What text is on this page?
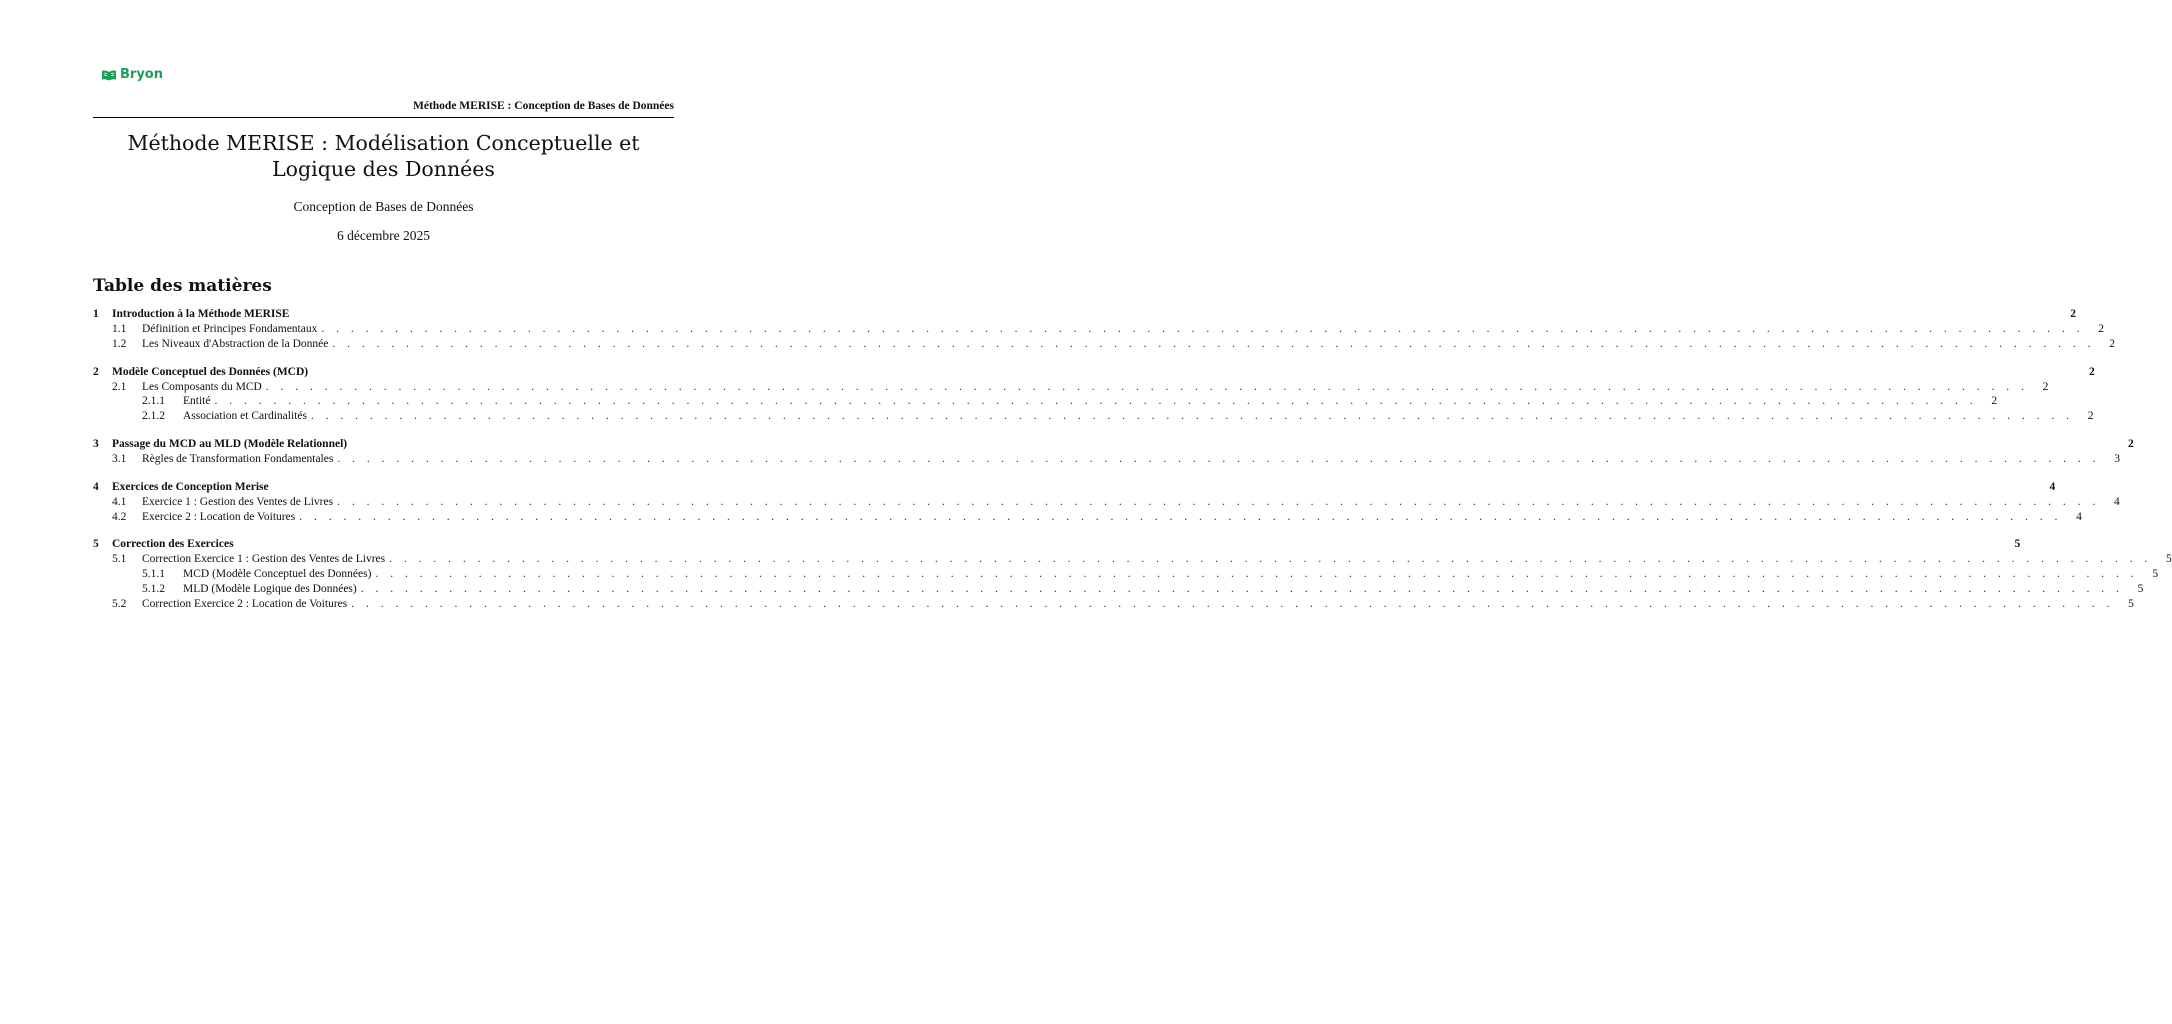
Bryon
Méthode MERISE : Conception de Bases de Données
Méthode MERISE : Modélisation Conceptuelle et Logique des Données
Conception de Bases de Données
6 décembre 2025
Table des matières
1	Introduction à la Méthode MERISE	2
1.1	Définition et Principes Fondamentaux . . . . . . . . . . . . . . . . . . . . . . . . . . . . . . . . . . . . . . . . . . . . . . . . . . . . . . . . . . . . . . . . . . . . . . . . . . . . . . . . . . . . . . . . . . . . . . . . . . . . . . . . . . . . . . . . . . . . . . . .	2
1.2	Les Niveaux d'Abstraction de la Donnée . . . . . . . . . . . . . . . . . . . . . . . . . . . . . . . . . . . . . . . . . . . . . . . . . . . . . . . . . . . . . . . . . . . . . . . . . . . . . . . . . . . . . . . . . . . . . . . . . . . . . . . . . . . . . . . . . . . . . . . .	2
2	Modèle Conceptuel des Données (MCD)	2
2.1	Les Composants du MCD . . . . . . . . . . . . . . . . . . . . . . . . . . . . . . . . . . . . . . . . . . . . . . . . . . . . . . . . . . . . . . . . . . . . . . . . . . . . . . . . . . . . . . . . . . . . . . . . . . . . . . . . . . . . . . . . . . . . . . . .	2
2.1.1	Entité . . . . . . . . . . . . . . . . . . . . . . . . . . . . . . . . . . . . . . . . . . . . . . . . . . . . . . . . . . . . . . . . . . . . . . . . . . . . . . . . . . . . . . . . . . . . . . . . . . . . . . . . . . . . . . . . . . . . . . . .	2
2.1.2	Association et Cardinalités . . . . . . . . . . . . . . . . . . . . . . . . . . . . . . . . . . . . . . . . . . . . . . . . . . . . . . . . . . . . . . . . . . . . . . . . . . . . . . . . . . . . . . . . . . . . . . . . . . . . . . . . . . . . . . . . . . . . . . . .	2
3	Passage du MCD au MLD (Modèle Relationnel)	2
3.1	Règles de Transformation Fondamentales . . . . . . . . . . . . . . . . . . . . . . . . . . . . . . . . . . . . . . . . . . . . . . . . . . . . . . . . . . . . . . . . . . . . . . . . . . . . . . . . . . . . . . . . . . . . . . . . . . . . . . . . . . . . . . . . . . . . . . . .	3
4	Exercices de Conception Merise	4
4.1	Exercice 1 : Gestion des Ventes de Livres . . . . . . . . . . . . . . . . . . . . . . . . . . . . . . . . . . . . . . . . . . . . . . . . . . . . . . . . . . . . . . . . . . . . . . . . . . . . . . . . . . . . . . . . . . . . . . . . . . . . . . . . . . . . . . . . . . . . . . . .	4
4.2	Exercice 2 : Location de Voitures . . . . . . . . . . . . . . . . . . . . . . . . . . . . . . . . . . . . . . . . . . . . . . . . . . . . . . . . . . . . . . . . . . . . . . . . . . . . . . . . . . . . . . . . . . . . . . . . . . . . . . . . . . . . . . . . . . . . . . . .	4
5	Correction des Exercices	5
5.1	Correction Exercice 1 : Gestion des Ventes de Livres . . . . . . . . . . . . . . . . . . . . . . . . . . . . . . . . . . . . . . . . . . . . . . . . . . . . . . . . . . . . . . . . . . . . . . . . . . . . . . . . . . . . . . . . . . . . . . . . . . . . . . . . . . . . . . . . . . . . . . . .	5
5.1.1	MCD (Modèle Conceptuel des Données) . . . . . . . . . . . . . . . . . . . . . . . . . . . . . . . . . . . . . . . . . . . . . . . . . . . . . . . . . . . . . . . . . . . . . . . . . . . . . . . . . . . . . . . . . . . . . . . . . . . . . . . . . . . . . . . . . . . . . . . .	5
5.1.2	MLD (Modèle Logique des Données) . . . . . . . . . . . . . . . . . . . . . . . . . . . . . . . . . . . . . . . . . . . . . . . . . . . . . . . . . . . . . . . . . . . . . . . . . . . . . . . . . . . . . . . . . . . . . . . . . . . . . . . . . . . . . . . . . . . . . . . .	5
5.2	Correction Exercice 2 : Location de Voitures . . . . . . . . . . . . . . . . . . . . . . . . . . . . . . . . . . . . . . . . . . . . . . . . . . . . . . . . . . . . . . . . . . . . . . . . . . . . . . . . . . . . . . . . . . . . . . . . . . . . . . . . . . . . . . . . . . . . . . . .	5
